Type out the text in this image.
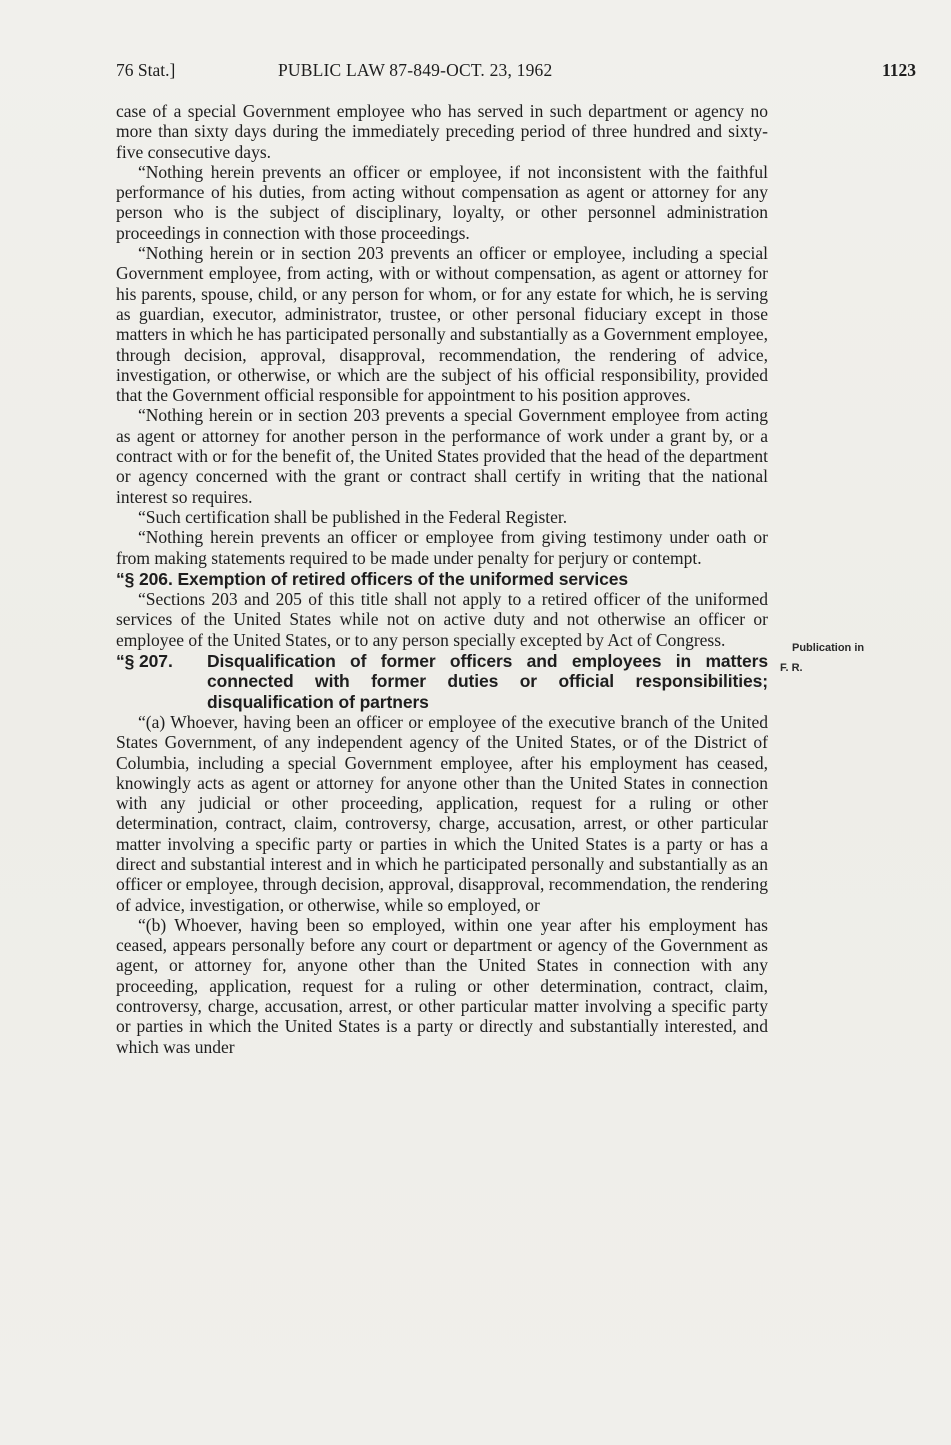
76 Stat.]	PUBLIC LAW 87-849-OCT. 23, 1962	1123

case of a special Government employee who has served in such department or agency no more than sixty days during the immediately preceding period of three hundred and sixty-five consecutive days.

“Nothing herein prevents an officer or employee, if not inconsistent with the faithful performance of his duties, from acting without compensation as agent or attorney for any person who is the subject of disciplinary, loyalty, or other personnel administration proceedings in connection with those proceedings.

“Nothing herein or in section 203 prevents an officer or employee, including a special Government employee, from acting, with or without compensation, as agent or attorney for his parents, spouse, child, or any person for whom, or for any estate for which, he is serving as guardian, executor, administrator, trustee, or other personal fiduciary except in those matters in which he has participated personally and substantially as a Government employee, through decision, approval, disapproval, recommendation, the rendering of advice, investigation, or otherwise, or which are the subject of his official responsibility, provided that the Government official responsible for appointment to his position approves.

“Nothing herein or in section 203 prevents a special Government employee from acting as agent or attorney for another person in the performance of work under a grant by, or a contract with or for the benefit of, the United States provided that the head of the department or agency concerned with the grant or contract shall certify in writing that the national interest so requires.

“Such certification shall be published in the Federal Register.

“Nothing herein prevents an officer or employee from giving testimony under oath or from making statements required to be made under penalty for perjury or contempt.

“§ 206. Exemption of retired officers of the uniformed services

“Sections 203 and 205 of this title shall not apply to a retired officer of the uniformed services of the United States while not on active duty and not otherwise an officer or employee of the United States, or to any person specially excepted by Act of Congress.

“§ 207.	Disqualification of former officers and employees in matters connected with former duties or official responsibilities; disqualification of partners

“(a) Whoever, having been an officer or employee of the executive branch of the United States Government, of any independent agency of the United States, or of the District of Columbia, including a special Government employee, after his employment has ceased, knowingly acts as agent or attorney for anyone other than the United States in connection with any judicial or other proceeding, application, request for a ruling or other determination, contract, claim, controversy, charge, accusation, arrest, or other particular matter involving a specific party or parties in which the United States is a party or has a direct and substantial interest and in which he participated personally and substantially as an officer or employee, through decision, approval, disapproval, recommendation, the rendering of advice, investigation, or otherwise, while so employed, or

“(b) Whoever, having been so employed, within one year after his employment has ceased, appears personally before any court or department or agency of the Government as agent, or attorney for, anyone other than the United States in connection with any proceeding, application, request for a ruling or other determination, contract, claim, controversy, charge, accusation, arrest, or other particular matter involving a specific party or parties in which the United States is a party or directly and substantially interested, and which was under

Publication in
F. R.
